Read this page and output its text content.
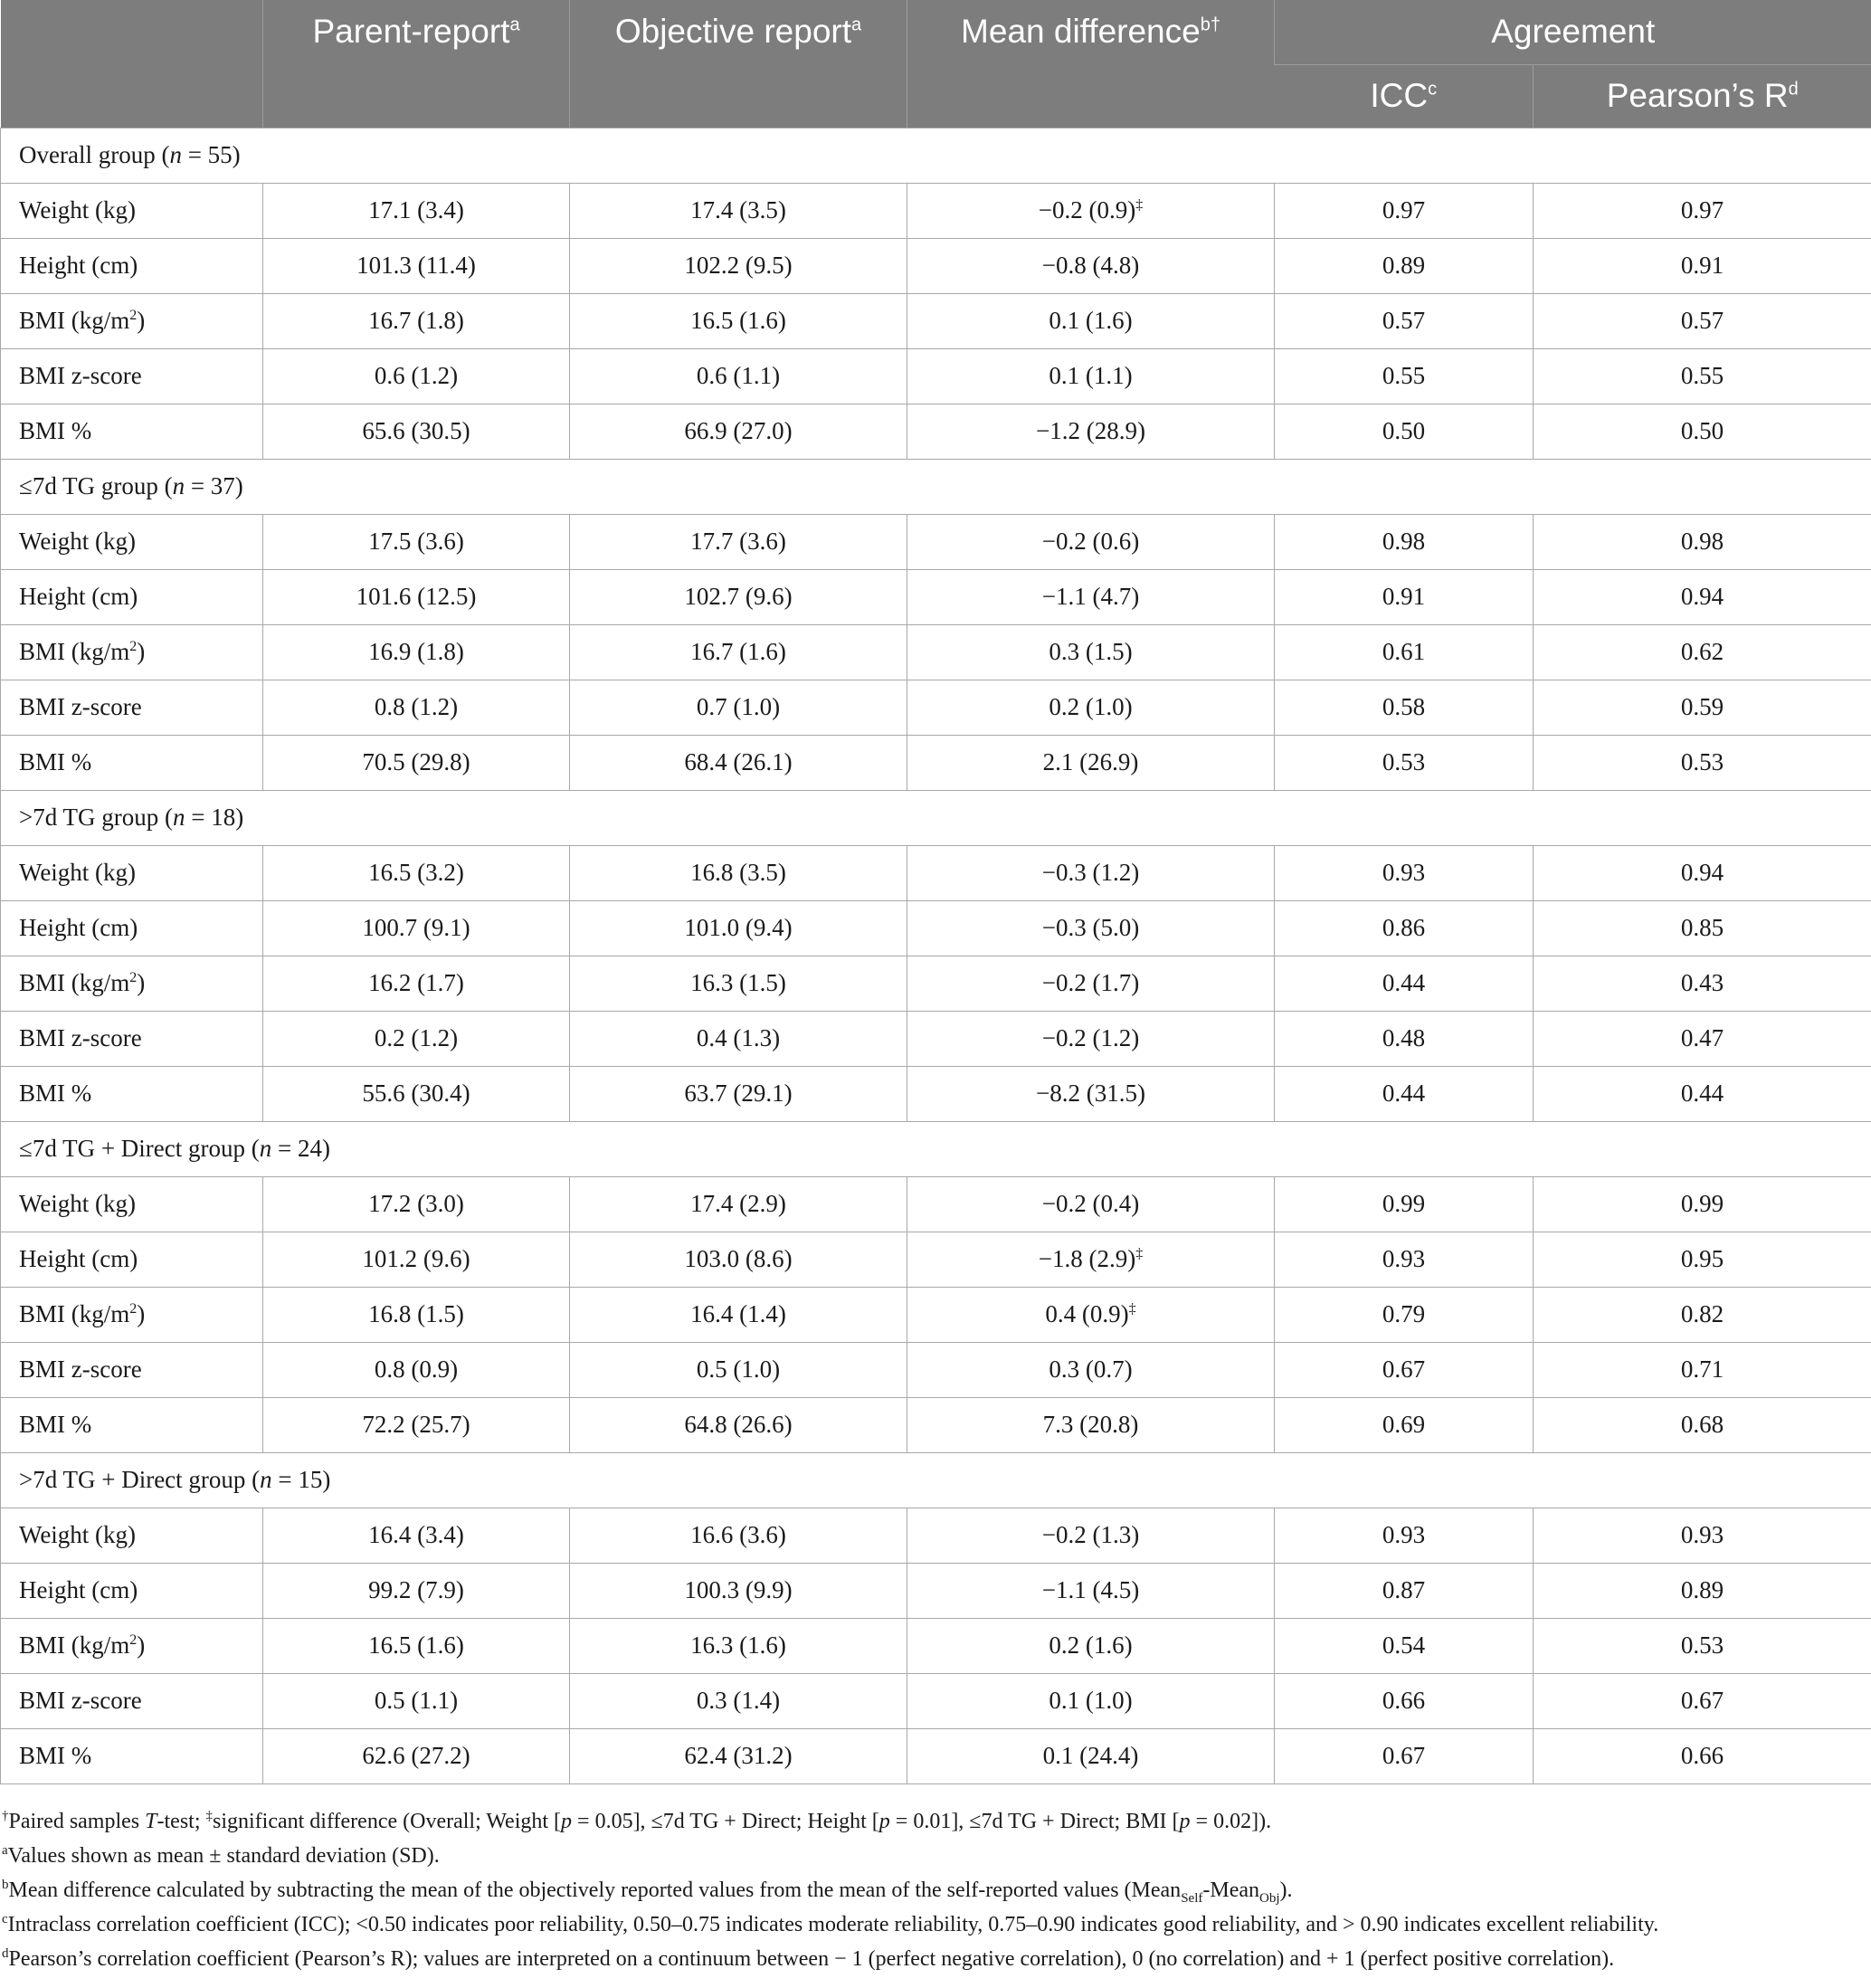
	Parent-report$^a$	Objective report$^a$	Mean difference$^{b\dagger}$	Agreement	
				ICC$^c$	Pearson’s $R^d$
Overall group (n = 55)					
Weight (kg)	17.1 (3.4)	17.4 (3.5)	−0.2 (0.9)‡	0.97	0.97
Height (cm)	101.3 (11.4)	102.2 (9.5)	−0.8 (4.8)	0.89	0.91
BMI $(kg/m^2)$	16.7 (1.8)	16.5 (1.6)	0.1 (1.6)	0.57	0.57
BMI z-score	0.6 (1.2)	0.6 (1.1)	0.1 (1.1)	0.55	0.55
BMI %	65.6 (30.5)	66.9 (27.0)	−1.2 (28.9)	0.50	0.50
≤7d TG group (n = 37)					
Weight (kg)	17.5 (3.6)	17.7 (3.6)	−0.2 (0.6)	0.98	0.98
Height (cm)	101.6 (12.5)	102.7 (9.6)	−1.1 (4.7)	0.91	0.94
BMI $(kg/m^2)$	16.9 (1.8)	16.7 (1.6)	0.3 (1.5)	0.61	0.62
BMI z-score	0.8 (1.2)	0.7 (1.0)	0.2 (1.0)	0.58	0.59
BMI %	70.5 (29.8)	68.4 (26.1)	2.1 (26.9)	0.53	0.53
>7d TG group (n = 18)					
Weight (kg)	16.5 (3.2)	16.8 (3.5)	−0.3 (1.2)	0.93	0.94
Height (cm)	100.7 (9.1)	101.0 (9.4)	−0.3 (5.0)	0.86	0.85
BMI $(kg/m^2)$	16.2 (1.7)	16.3 (1.5)	−0.2 (1.7)	0.44	0.43
BMI z-score	0.2 (1.2)	0.4 (1.3)	−0.2 (1.2)	0.48	0.47
BMI %	55.6 (30.4)	63.7 (29.1)	−8.2 (31.5)	0.44	0.44
≤7d TG + Direct group (n = 24)					
Weight (kg)	17.2 (3.0)	17.4 (2.9)	−0.2 (0.4)	0.99	0.99
Height (cm)	101.2 (9.6)	103.0 (8.6)	−1.8 (2.9)‡	0.93	0.95
BMI $(kg/m^2)$	16.8 (1.5)	16.4 (1.4)	0.4 (0.9)‡	0.79	0.82
BMI z-score	0.8 (0.9)	0.5 (1.0)	0.3 (0.7)	0.67	0.71
BMI %	72.2 (25.7)	64.8 (26.6)	7.3 (20.8)	0.69	0.68
>7d TG + Direct group (n = 15)					
Weight (kg)	16.4 (3.4)	16.6 (3.6)	−0.2 (1.3)	0.93	0.93
Height (cm)	99.2 (7.9)	100.3 (9.9)	−1.1 (4.5)	0.87	0.89
BMI $(kg/m^2)$	16.5 (1.6)	16.3 (1.6)	0.2 (1.6)	0.54	0.53
BMI z-score	0.5 (1.1)	0.3 (1.4)	0.1 (1.0)	0.66	0.67
BMI %	62.6 (27.2)	62.4 (31.2)	0.1 (24.4)	0.67	0.66

†Paired samples T-test; ‡significant difference (Overall; Weight [p = 0.05], ≤7d TG + Direct; Height [p = 0.01], ≤7d TG + Direct; BMI [p = 0.02]).

$^a$Values shown as mean ± standard deviation (SD).

$^b$Mean difference calculated by subtracting the mean of the objectively reported values from the mean of the self-reported values (Mean$_{Self}$-Mean$_{Obj}$).

$^c$Intraclass correlation coefficient (ICC); <0.50 indicates poor reliability, 0.50–0.75 indicates moderate reliability, 0.75–0.90 indicates good reliability, and > 0.90 indicates excellent reliability.

$^d$Pearson’s correlation coefficient (Pearson’s R); values are interpreted on a continuum between − 1 (perfect negative correlation), 0 (no correlation) and + 1 (perfect positive correlation).
